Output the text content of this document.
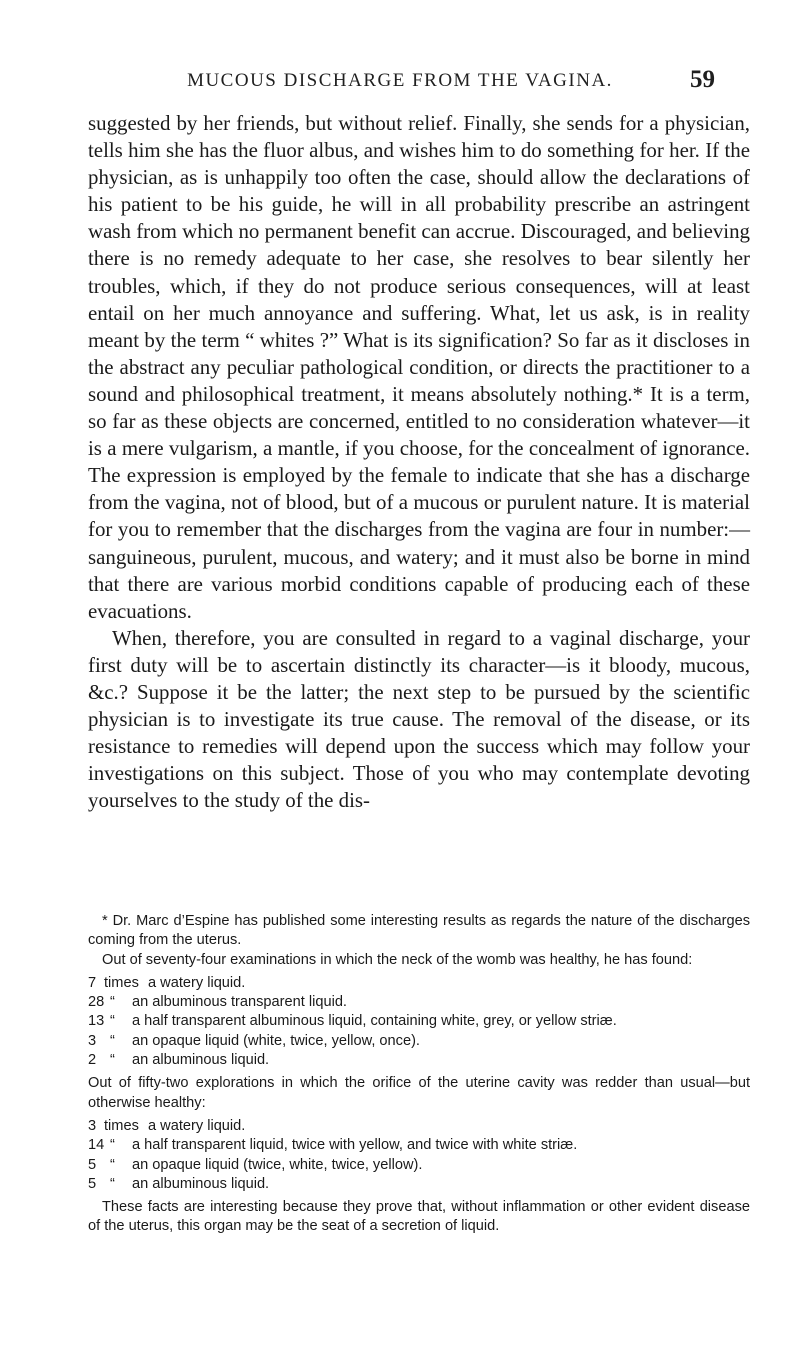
MUCOUS DISCHARGE FROM THE VAGINA.	59

suggested by her friends, but without relief. Finally, she sends for a physician, tells him she has the fluor albus, and wishes him to do something for her. If the physician, as is unhappily too often the case, should allow the declarations of his patient to be his guide, he will in all probability prescribe an astringent wash from which no permanent benefit can accrue. Discouraged, and believing there is no remedy adequate to her case, she resolves to bear silently her troubles, which, if they do not produce serious consequences, will at least entail on her much annoyance and suffering. What, let us ask, is in reality meant by the term “ whites ?” What is its signification? So far as it discloses in the abstract any peculiar pathological condition, or directs the practitioner to a sound and philosophical treatment, it means absolutely nothing.* It is a term, so far as these objects are concerned, entitled to no consideration whatever—it is a mere vulgarism, a mantle, if you choose, for the concealment of ignorance. The expression is employed by the female to indicate that she has a discharge from the vagina, not of blood, but of a mucous or purulent nature. It is material for you to remember that the discharges from the vagina are four in number:—sanguineous, purulent, mucous, and watery; and it must also be borne in mind that there are various morbid conditions capable of producing each of these evacuations.

When, therefore, you are consulted in regard to a vaginal discharge, your first duty will be to ascertain distinctly its character—is it bloody, mucous, &c.? Suppose it be the latter; the next step to be pursued by the scientific physician is to investigate its true cause. The removal of the disease, or its resistance to remedies will depend upon the success which may follow your investigations on this subject. Those of you who may contemplate devoting yourselves to the study of the dis-

* Dr. Marc d’Espine has published some interesting results as regards the nature of the discharges coming from the uterus.

Out of seventy-four examinations in which the neck of the womb was healthy, he has found:

7 times a watery liquid.
28 “	an albuminous transparent liquid.
13 “	a half transparent albuminous liquid, containing white, grey, or yellow striæ.
3 “	an opaque liquid (white, twice, yellow, once).
2 “	an albuminous liquid.

Out of fifty-two explorations in which the orifice of the uterine cavity was redder than usual—but otherwise healthy:

3 times a watery liquid.
14 “	a half transparent liquid, twice with yellow, and twice with white striæ.
5 “	an opaque liquid (twice, white, twice, yellow).
5 “	an albuminous liquid.

These facts are interesting because they prove that, without inflammation or other evident disease of the uterus, this organ may be the seat of a secretion of liquid.
